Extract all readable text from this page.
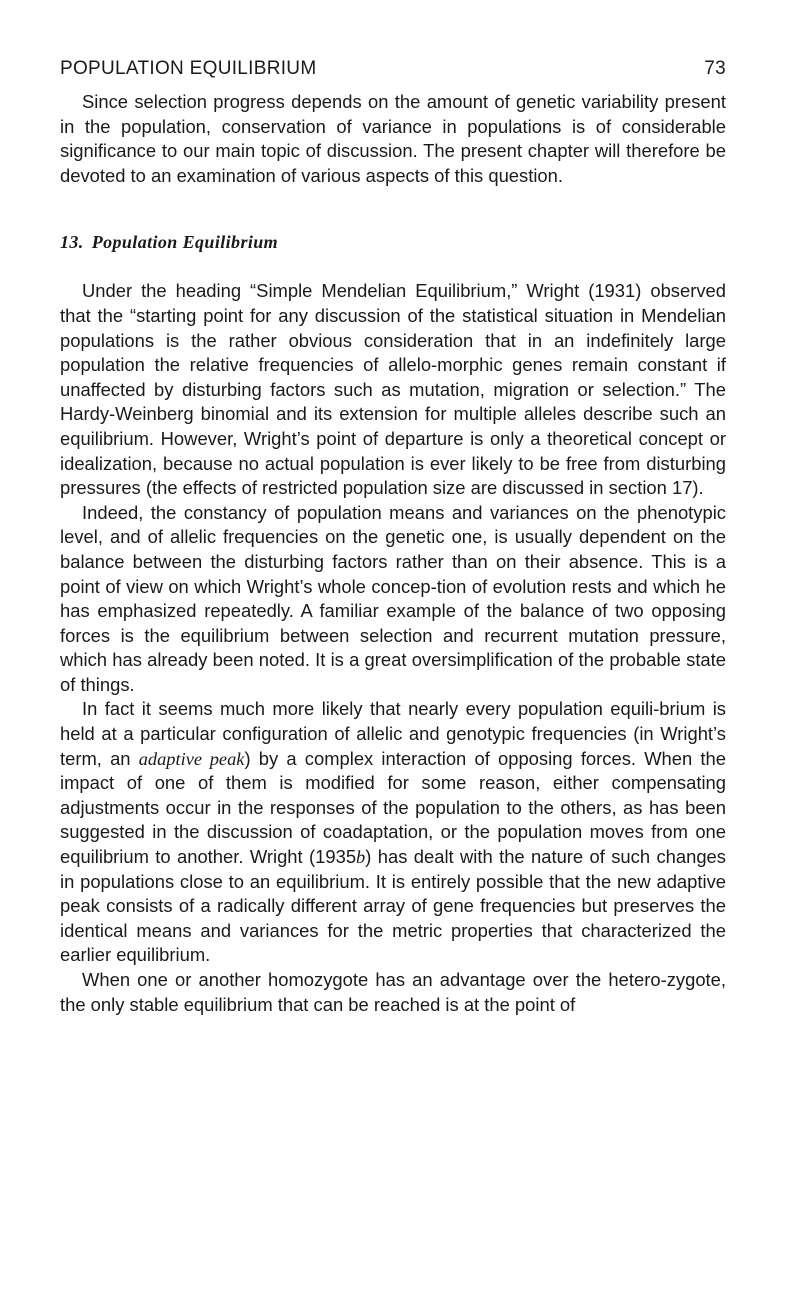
POPULATION EQUILIBRIUM	73

Since selection progress depends on the amount of genetic variability present in the population, conservation of variance in populations is of considerable significance to our main topic of discussion. The present chapter will therefore be devoted to an examination of various aspects of this question.

13. Population Equilibrium

Under the heading “Simple Mendelian Equilibrium,” Wright (1931) observed that the “starting point for any discussion of the statistical situation in Mendelian populations is the rather obvious consideration that in an indefinitely large population the relative frequencies of allelo-morphic genes remain constant if unaffected by disturbing factors such as mutation, migration or selection.” The Hardy-Weinberg binomial and its extension for multiple alleles describe such an equilibrium. However, Wright’s point of departure is only a theoretical concept or idealization, because no actual population is ever likely to be free from disturbing pressures (the effects of restricted population size are discussed in section 17).

Indeed, the constancy of population means and variances on the phenotypic level, and of allelic frequencies on the genetic one, is usually dependent on the balance between the disturbing factors rather than on their absence. This is a point of view on which Wright’s whole concep-tion of evolution rests and which he has emphasized repeatedly. A familiar example of the balance of two opposing forces is the equilibrium between selection and recurrent mutation pressure, which has already been noted. It is a great oversimplification of the probable state of things.

In fact it seems much more likely that nearly every population equili-brium is held at a particular configuration of allelic and genotypic frequencies (in Wright’s term, an adaptive peak) by a complex interaction of opposing forces. When the impact of one of them is modified for some reason, either compensating adjustments occur in the responses of the population to the others, as has been suggested in the discussion of coadaptation, or the population moves from one equilibrium to another. Wright (1935b) has dealt with the nature of such changes in populations close to an equilibrium. It is entirely possible that the new adaptive peak consists of a radically different array of gene frequencies but preserves the identical means and variances for the metric properties that characterized the earlier equilibrium.

When one or another homozygote has an advantage over the hetero-zygote, the only stable equilibrium that can be reached is at the point of
